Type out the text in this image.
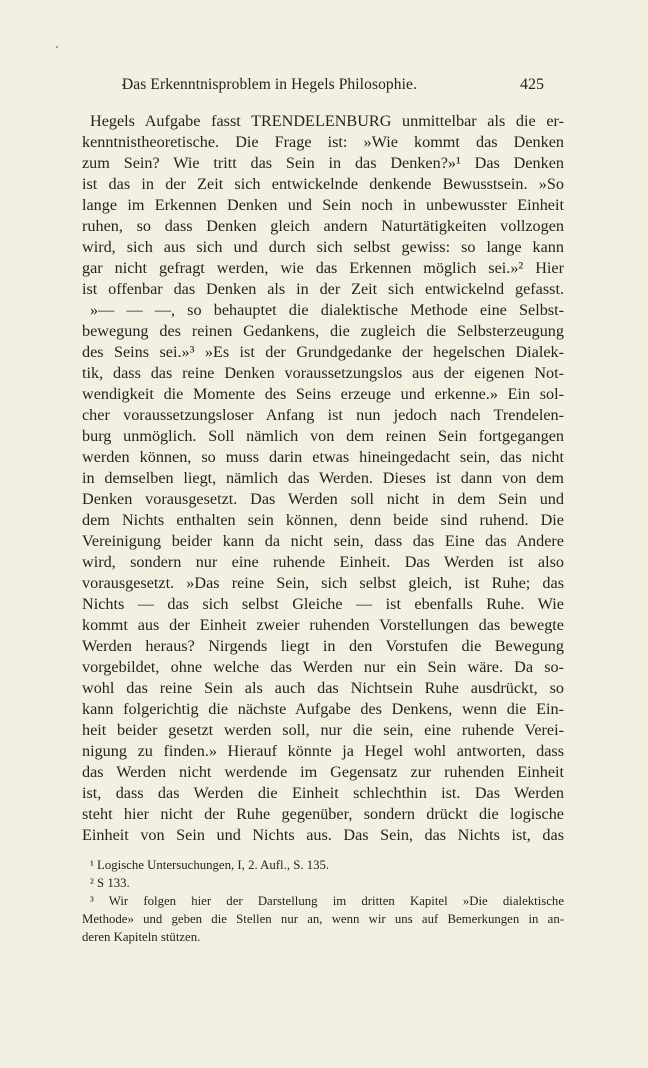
Das Erkenntnisproblem in Hegels Philosophie.	425
Hegels Aufgabe fasst TRENDELENBURG unmittelbar als die er-
kenntnistheoretische. Die Frage ist: »Wie kommt das Denken
zum Sein? Wie tritt das Sein in das Denken?»¹ Das Denken
ist das in der Zeit sich entwickelnde denkende Bewusstsein. »So
lange im Erkennen Denken und Sein noch in unbewusster Einheit
ruhen, so dass Denken gleich andern Naturtätigkeiten vollzogen
wird, sich aus sich und durch sich selbst gewiss: so lange kann
gar nicht gefragt werden, wie das Erkennen möglich sei.»² Hier
ist offenbar das Denken als in der Zeit sich entwickelnd gefasst.
»— — —, so behauptet die dialektische Methode eine Selbst-
bewegung des reinen Gedankens, die zugleich die Selbsterzeugung
des Seins sei.»³ »Es ist der Grundgedanke der hegelschen Dialek-
tik, dass das reine Denken voraussetzungslos aus der eigenen Not-
wendigkeit die Momente des Seins erzeuge und erkenne.» Ein sol-
cher voraussetzungsloser Anfang ist nun jedoch nach Trendelen-
burg unmöglich. Soll nämlich von dem reinen Sein fortgegangen
werden können, so muss darin etwas hineingedacht sein, das nicht
in demselben liegt, nämlich das Werden. Dieses ist dann von dem
Denken vorausgesetzt. Das Werden soll nicht in dem Sein und
dem Nichts enthalten sein können, denn beide sind ruhend. Die
Vereinigung beider kann da nicht sein, dass das Eine das Andere
wird, sondern nur eine ruhende Einheit. Das Werden ist also
vorausgesetzt. »Das reine Sein, sich selbst gleich, ist Ruhe; das
Nichts — das sich selbst Gleiche — ist ebenfalls Ruhe. Wie
kommt aus der Einheit zweier ruhenden Vorstellungen das bewegte
Werden heraus? Nirgends liegt in den Vorstufen die Bewegung
vorgebildet, ohne welche das Werden nur ein Sein wäre. Da so-
wohl das reine Sein als auch das Nichtsein Ruhe ausdrückt, so
kann folgerichtig die nächste Aufgabe des Denkens, wenn die Ein-
heit beider gesetzt werden soll, nur die sein, eine ruhende Verei-
nigung zu finden.» Hierauf könnte ja Hegel wohl antworten, dass
das Werden nicht werdende im Gegensatz zur ruhenden Einheit
ist, dass das Werden die Einheit schlechthin ist. Das Werden
steht hier nicht der Ruhe gegenüber, sondern drückt die logische
Einheit von Sein und Nichts aus. Das Sein, das Nichts ist, das
¹ Logische Untersuchungen, I, 2. Aufl., S. 135.
² S 133.
³ Wir folgen hier der Darstellung im dritten Kapitel »Die dialektische
Methode» und geben die Stellen nur an, wenn wir uns auf Bemerkungen in an-
deren Kapiteln stützen.
